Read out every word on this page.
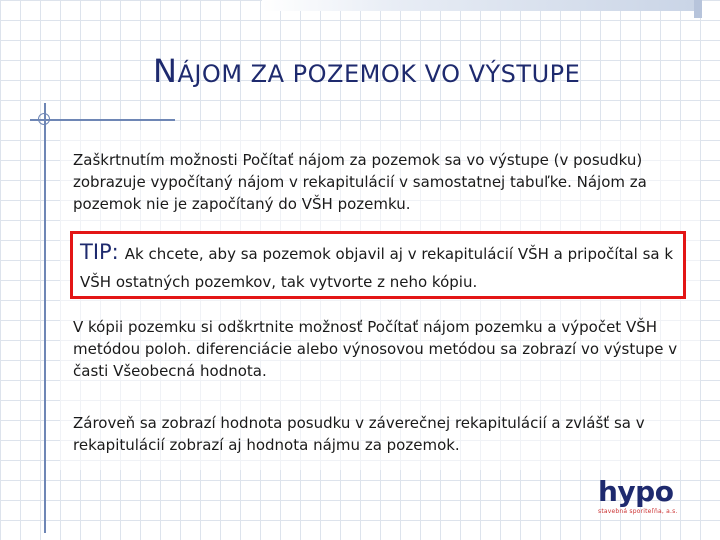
NÁJOM ZA POZEMOK VO VÝSTUPE
Zaškrtnutím možnosti Počítať nájom za pozemok sa vo výstupe (v posudku) zobrazuje vypočítaný nájom v rekapitulácií v samostatnej tabuľke. Nájom za pozemok nie je započítaný do VŠH pozemku.
TIP: Ak chcete, aby sa pozemok objavil aj v rekapitulácií VŠH a pripočítal sa k VŠH ostatných pozemkov, tak vytvorte z neho kópiu.
V kópii pozemku si odškrtnite možnosť Počítať nájom pozemku a výpočet VŠH metódou poloh. diferenciácie alebo výnosovou metódou sa zobrazí vo výstupe v časti Všeobecná hodnota.
Zároveň sa zobrazí hodnota posudku v záverečnej rekapitulácií a zvlášť sa v rekapitulácií zobrazí aj hodnota nájmu za pozemok.
hypo
stavebná sporiteľňa, a.s.
